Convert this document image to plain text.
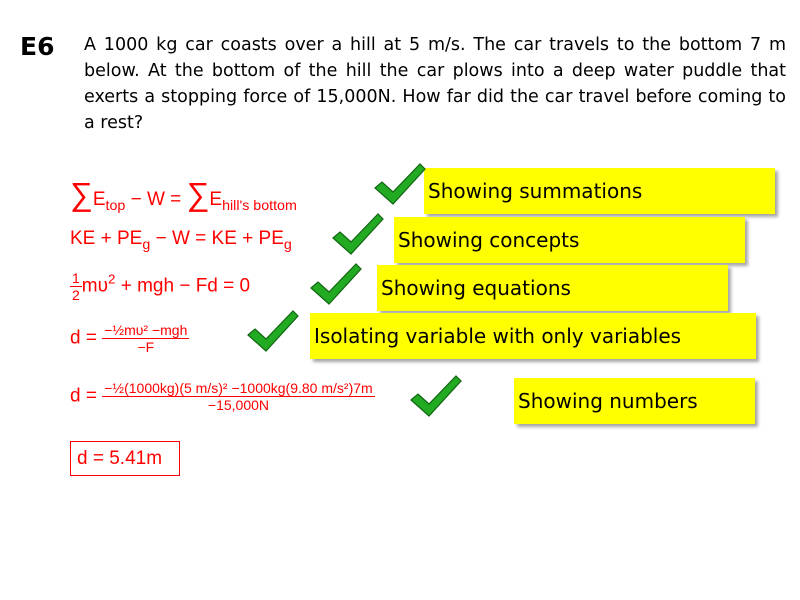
E6 A 1000 kg car coasts over a hill at 5 m/s. The car travels to the bottom 7 m below. At the bottom of the hill the car plows into a deep water puddle that exerts a stopping force of 15,000N. How far did the car travel before coming to a rest?
$\sum E_{top} - W = \sum E_{hill's bottom}$
KE + $PE_g - W$ = KE + $PE_g$
$\frac{1}{2} m\upsilon^2$ + mgh − Fd = 0
$d = \frac{\text{−½mυ² −mgh}}{-F}$
$d = \frac{\text{−½(1000kg)(5 m/s)² −1000kg(9.80 m/s²)7m}}{-15,000N}$
d = 5.41m
Showing summations
Showing concepts
Showing equations
Isolating variable with only variables
Showing numbers
